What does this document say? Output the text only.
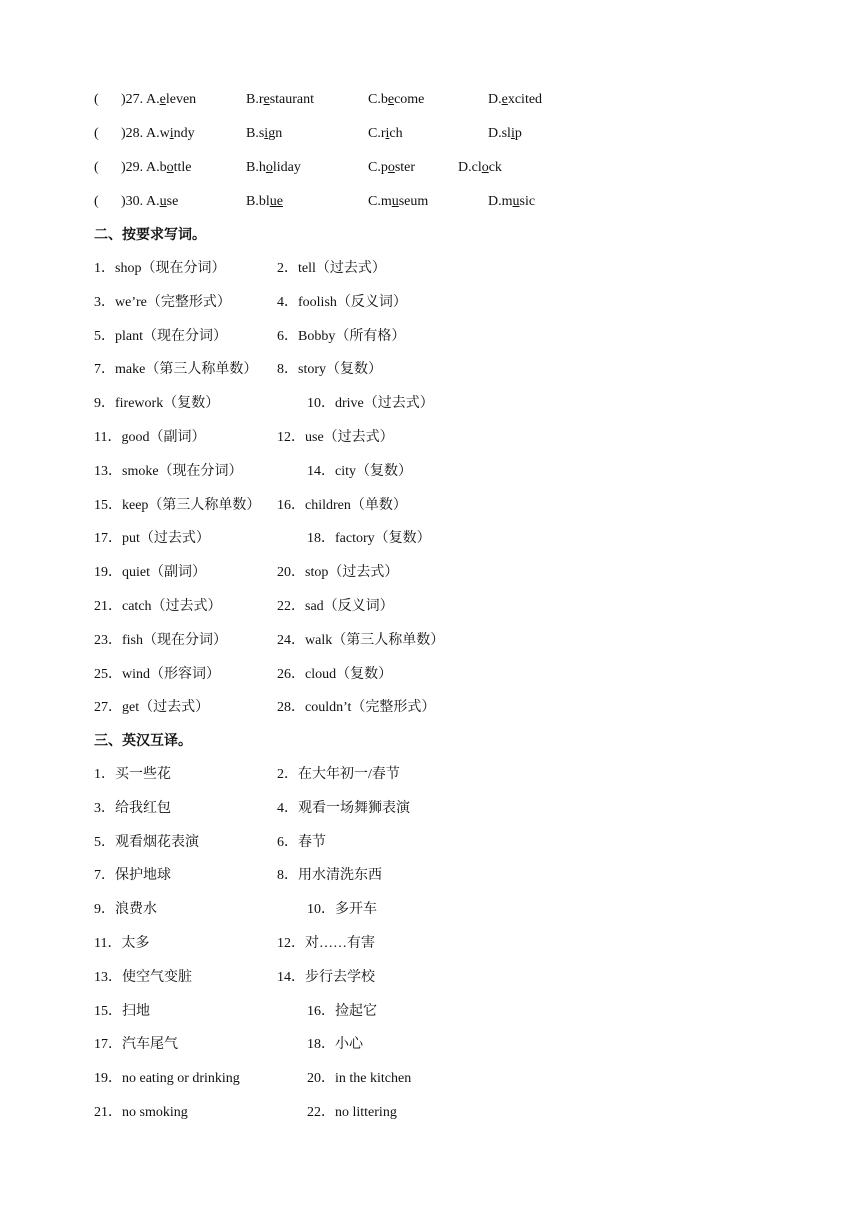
( )27. A.eleven	B.restaurant	C.become	D.excited
( )28. A.windy	B.sign	C.rich	D.slip
( )29. A.bottle	B.holiday	C.poster	D.clock
( )30. A.use	B.blue	C.museum	D.music
二、按要求写词。
1．shop（现在分词）	2．tell（过去式）
3．we’re（完整形式）	4．foolish（反义词）
5．plant（现在分词）	6．Bobby（所有格）
7．make（第三人称单数） 8．story（复数）
9．firework（复数）	10．drive（过去式）
11．good（副词）	12．use（过去式）
13．smoke（现在分词）	14．city（复数）
15．keep（第三人称单数） 16．children（单数）
17．put（过去式）	18．factory（复数）
19．quiet（副词）	20．stop（过去式）
21．catch（过去式）	22．sad（反义词）
23．fish（现在分词）	24．walk（第三人称单数）
25．wind（形容词）	26．cloud（复数）
27．get（过去式）	28．couldn’t（完整形式）
三、英汉互译。
1．买一些花	2．在大年初一/春节
3．给我红包	4．观看一场舞狮表演
5．观看烟花表演	6．春节
7．保护地球	8．用水清洗东西
9．浪费水	10．多开车
11．太多	12．对……有害
13．使空气变脏	14．步行去学校
15．扫地	16．捡起它
17．汽车尾气	18．小心
19．no eating or drinking	20．in the kitchen
21．no smoking	22．no littering
